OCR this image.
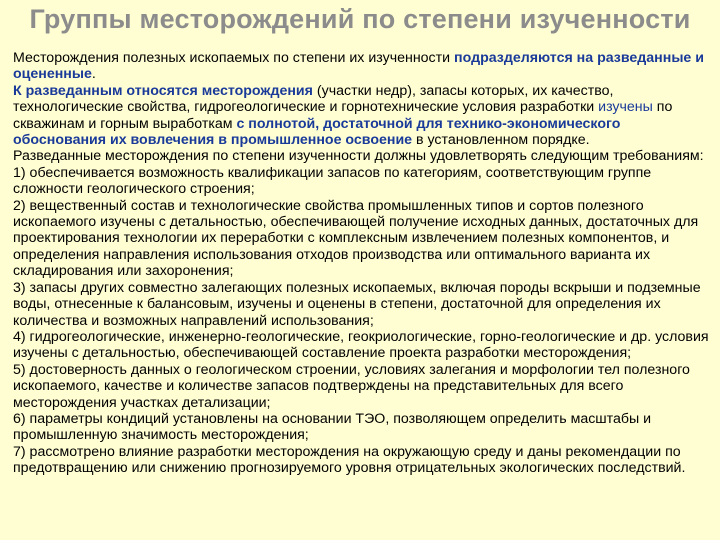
Группы месторождений по степени изученности

Месторождения полезных ископаемых по степени их изученности подразделяются на разведанные и оцененные.

К разведанным относятся месторождения (участки недр), запасы которых, их качество, технологические свойства, гидрогеологические и горнотехнические условия разработки изучены по скважинам и горным выработкам с полнотой, достаточной для технико-экономического обоснования их вовлечения в промышленное освоение в установленном порядке.

Разведанные месторождения по степени изученности должны удовлетворять следующим требованиям:

1) обеспечивается возможность квалификации запасов по категориям, соответствующим группе сложности геологического строения;

2) вещественный состав и технологические свойства промышленных типов и сортов полезного ископаемого изучены с детальностью, обеспечивающей получение исходных данных, достаточных для проектирования технологии их переработки с комплексным извлечением полезных компонентов, и определения направления использования отходов производства или оптимального варианта их складирования или захоронения;

3) запасы других совместно залегающих полезных ископаемых, включая породы вскрыши и подземные воды, отнесенные к балансовым, изучены и оценены в степени, достаточной для определения их количества и возможных направлений использования;

4) гидрогеологические, инженерно-геологические, геокриологические, горно-геологические и др. условия изучены с детальностью, обеспечивающей составление проекта разработки месторождения;

5) достоверность данных о геологическом строении, условиях залегания и морфологии тел полезного ископаемого, качестве и количестве запасов подтверждены на представительных для всего месторождения участках детализации;

6) параметры кондиций установлены на основании ТЭО, позволяющем определить масштабы и промышленную значимость месторождения;

7) рассмотрено влияние разработки месторождения на окружающую среду и даны рекомендации по предотвращению или снижению прогнозируемого уровня отрицательных экологических последствий.
